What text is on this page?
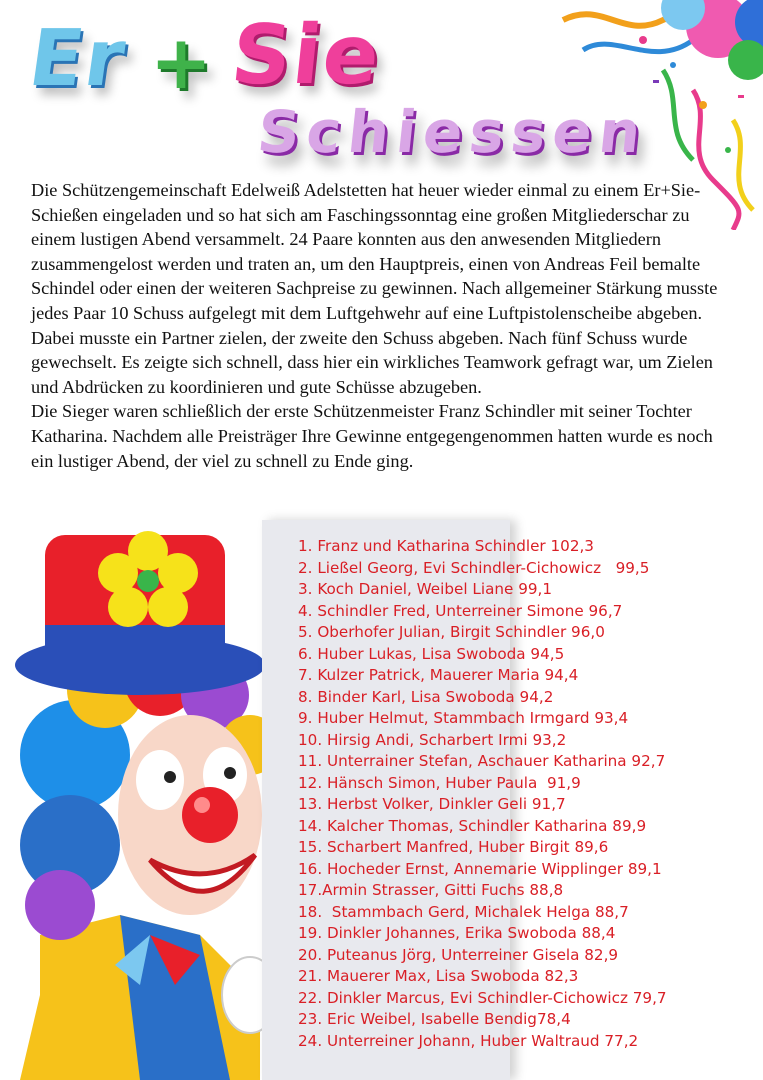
Er + Sie
Schiessen

Die Schützengemeinschaft Edelweiß Adelstetten hat heuer wieder einmal zu einem Er+Sie-Schießen eingeladen und so hat sich am Faschingssonntag eine großen Mitgliederschar zu einem lustigen Abend versammelt. 24 Paare konnten aus den anwesenden Mitgliedern zusammengelost werden und traten an, um den Hauptpreis, einen von Andreas Feil bemalte Schindel oder einen der weiteren Sachpreise zu gewinnen. Nach allgemeiner Stärkung musste jedes Paar 10 Schuss aufgelegt mit dem Luftgehwehr auf eine Luftpistolenscheibe abgeben. Dabei musste ein Partner zielen, der zweite den Schuss abgeben. Nach fünf Schuss wurde gewechselt. Es zeigte sich schnell, dass hier ein wirkliches Teamwork gefragt war, um Zielen und Abdrücken zu koordinieren und gute Schüsse abzugeben.

Die Sieger waren schließlich der erste Schützenmeister Franz Schindler mit seiner Tochter Katharina. Nachdem alle Preisträger Ihre Gewinne entgegengenommen hatten wurde es noch ein lustiger Abend, der viel zu schnell zu Ende ging.

1. Franz und Katharina Schindler 102,3
2. Ließel Georg, Evi Schindler-Cichowicz   99,5
3. Koch Daniel, Weibel Liane 99,1
4. Schindler Fred, Unterreiner Simone 96,7
5. Oberhofer Julian, Birgit Schindler 96,0
6. Huber Lukas, Lisa Swoboda 94,5
7. Kulzer Patrick, Mauerer Maria 94,4
8. Binder Karl, Lisa Swoboda 94,2
9. Huber Helmut, Stammbach Irmgard 93,4
10. Hirsig Andi, Scharbert Irmi 93,2
11. Unterrainer Stefan, Aschauer Katharina 92,7
12. Hänsch Simon, Huber Paula  91,9
13. Herbst Volker, Dinkler Geli 91,7
14. Kalcher Thomas, Schindler Katharina 89,9
15. Scharbert Manfred, Huber Birgit 89,6
16. Hocheder Ernst, Annemarie Wipplinger 89,1
17.Armin Strasser, Gitti Fuchs 88,8
18.  Stammbach Gerd, Michalek Helga 88,7
19. Dinkler Johannes, Erika Swoboda 88,4
20. Puteanus Jörg, Unterreiner Gisela 82,9
21. Mauerer Max, Lisa Swoboda 82,3
22. Dinkler Marcus, Evi Schindler-Cichowicz 79,7
23. Eric Weibel, Isabelle Bendig78,4
24. Unterreiner Johann, Huber Waltraud 77,2
